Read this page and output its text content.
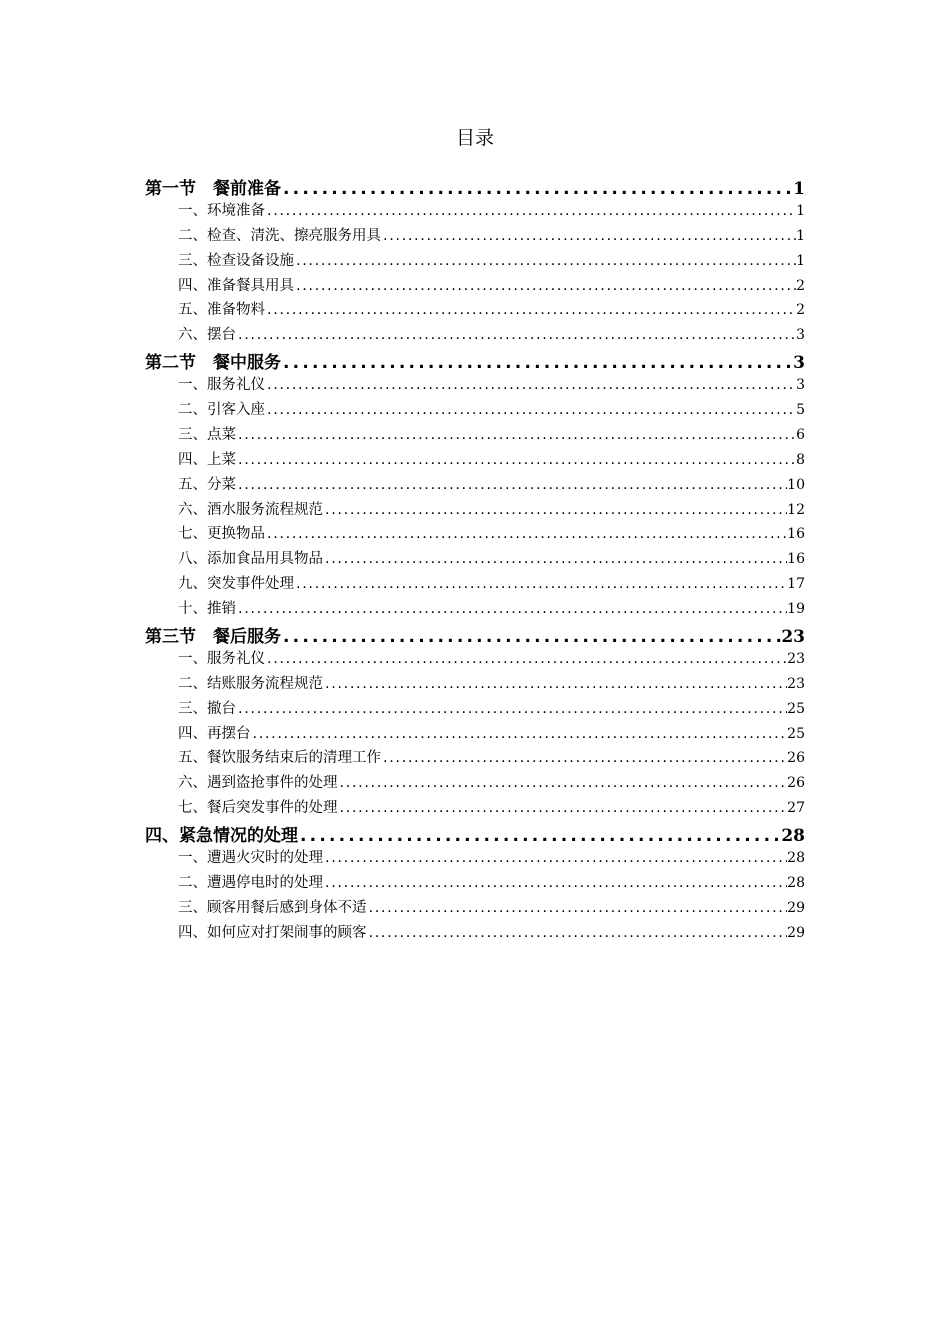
目录
第一节　餐前准备 .....	1
一、环境准备 .....	1
二、检查、清洗、擦亮服务用具 .....	1
三、检查设备设施 .....	1
四、准备餐具用具 .....	2
五、准备物料 .....	2
六、摆台 .....	3
第二节　餐中服务 .....	3
一、服务礼仪 .....	3
二、引客入座 .....	5
三、点菜 .....	6
四、上菜 .....	8
五、分菜 .....	10
六、酒水服务流程规范 .....	12
七、更换物品 .....	16
八、添加食品用具物品 .....	16
九、突发事件处理 .....	17
十、推销 .....	19
第三节　餐后服务 .....	23
一、服务礼仪 .....	23
二、结账服务流程规范 .....	23
三、撤台 .....	25
四、再摆台 .....	25
五、餐饮服务结束后的清理工作 .....	26
六、遇到盗抢事件的处理 .....	26
七、餐后突发事件的处理 .....	27
四、紧急情况的处理 .....	28
一、遭遇火灾时的处理 .....	28
二、遭遇停电时的处理 .....	28
三、顾客用餐后感到身体不适 .....	29
四、如何应对打架闹事的顾客 .....	29
